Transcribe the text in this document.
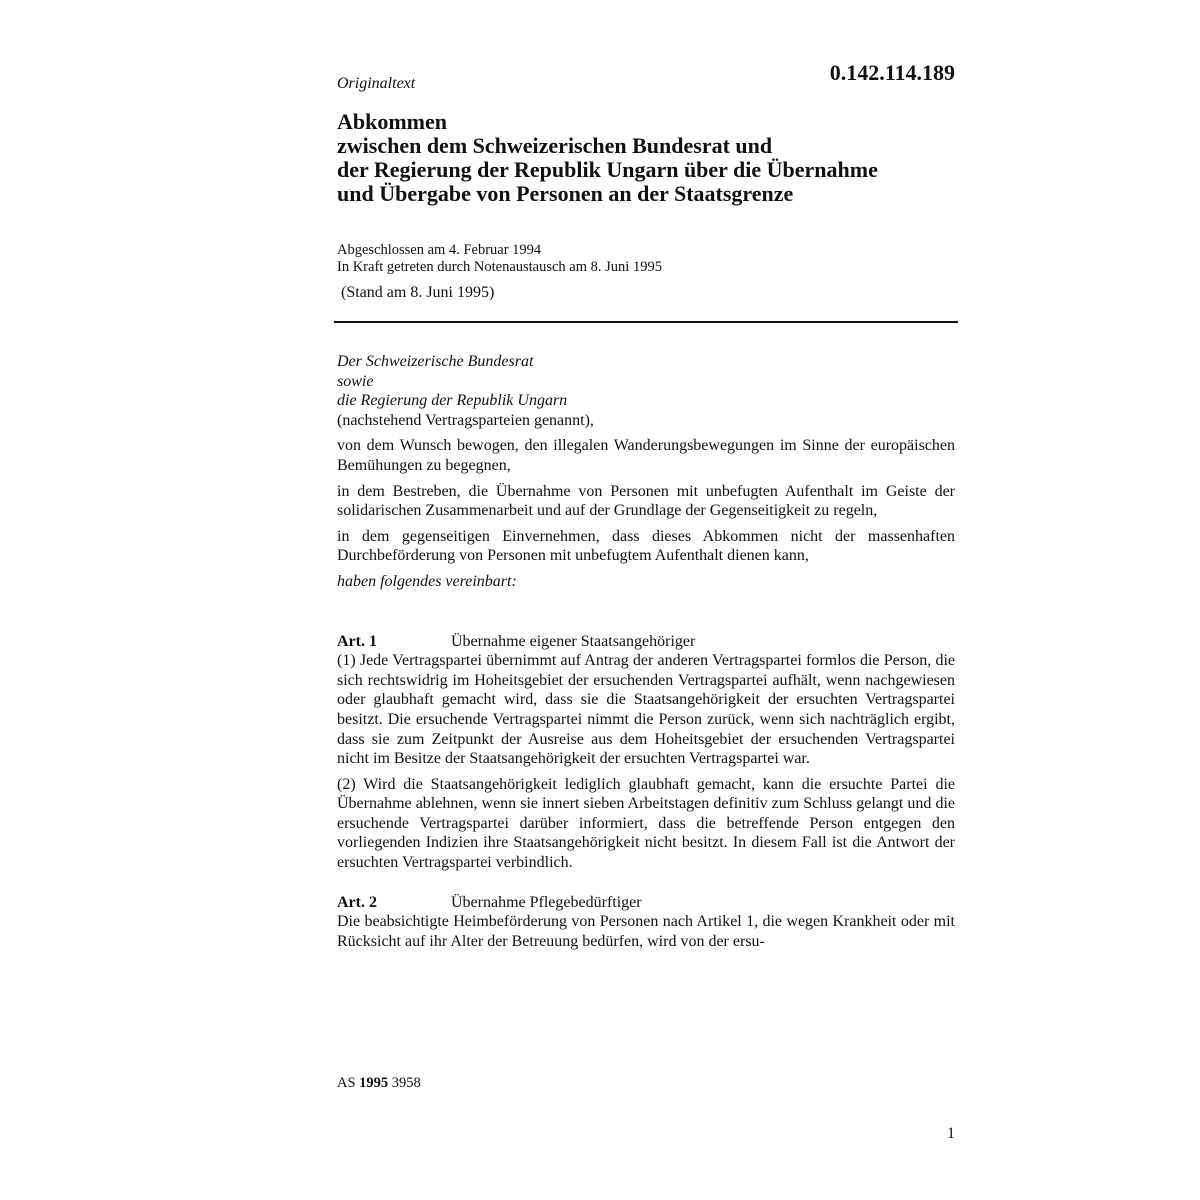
Originaltext	0.142.114.189
Abkommen
zwischen dem Schweizerischen Bundesrat und
der Regierung der Republik Ungarn über die Übernahme
und Übergabe von Personen an der Staatsgrenze
Abgeschlossen am 4. Februar 1994
In Kraft getreten durch Notenaustausch am 8. Juni 1995
(Stand am 8. Juni 1995)
Der Schweizerische Bundesrat
sowie
die Regierung der Republik Ungarn
(nachstehend Vertragsparteien genannt),

von dem Wunsch bewogen, den illegalen Wanderungsbewegungen im Sinne der europäischen Bemühungen zu begegnen,

in dem Bestreben, die Übernahme von Personen mit unbefugten Aufenthalt im Geiste der solidarischen Zusammenarbeit und auf der Grundlage der Gegenseitigkeit zu regeln,

in dem gegenseitigen Einvernehmen, dass dieses Abkommen nicht der massenhaften Durchbeförderung von Personen mit unbefugtem Aufenthalt dienen kann,

haben folgendes vereinbart:

Art. 1	Übernahme eigener Staatsangehöriger

(1) Jede Vertragspartei übernimmt auf Antrag der anderen Vertragspartei formlos die Person, die sich rechtswidrig im Hoheitsgebiet der ersuchenden Vertragspartei aufhält, wenn nachgewiesen oder glaubhaft gemacht wird, dass sie die Staatsangehörigkeit der ersuchten Vertragspartei besitzt. Die ersuchende Vertragspartei nimmt die Person zurück, wenn sich nachträglich ergibt, dass sie zum Zeitpunkt der Ausreise aus dem Hoheitsgebiet der ersuchenden Vertragspartei nicht im Besitze der Staatsangehörigkeit der ersuchten Vertragspartei war.

(2) Wird die Staatsangehörigkeit lediglich glaubhaft gemacht, kann die ersuchte Partei die Übernahme ablehnen, wenn sie innert sieben Arbeitstagen definitiv zum Schluss gelangt und die ersuchende Vertragspartei darüber informiert, dass die betreffende Person entgegen den vorliegenden Indizien ihre Staatsangehörigkeit nicht besitzt. In diesem Fall ist die Antwort der ersuchten Vertragspartei verbindlich.

Art. 2	Übernahme Pflegebedürftiger

Die beabsichtigte Heimbeförderung von Personen nach Artikel 1, die wegen Krankheit oder mit Rücksicht auf ihr Alter der Betreuung bedürfen, wird von der ersu-

AS 1995 3958
1
